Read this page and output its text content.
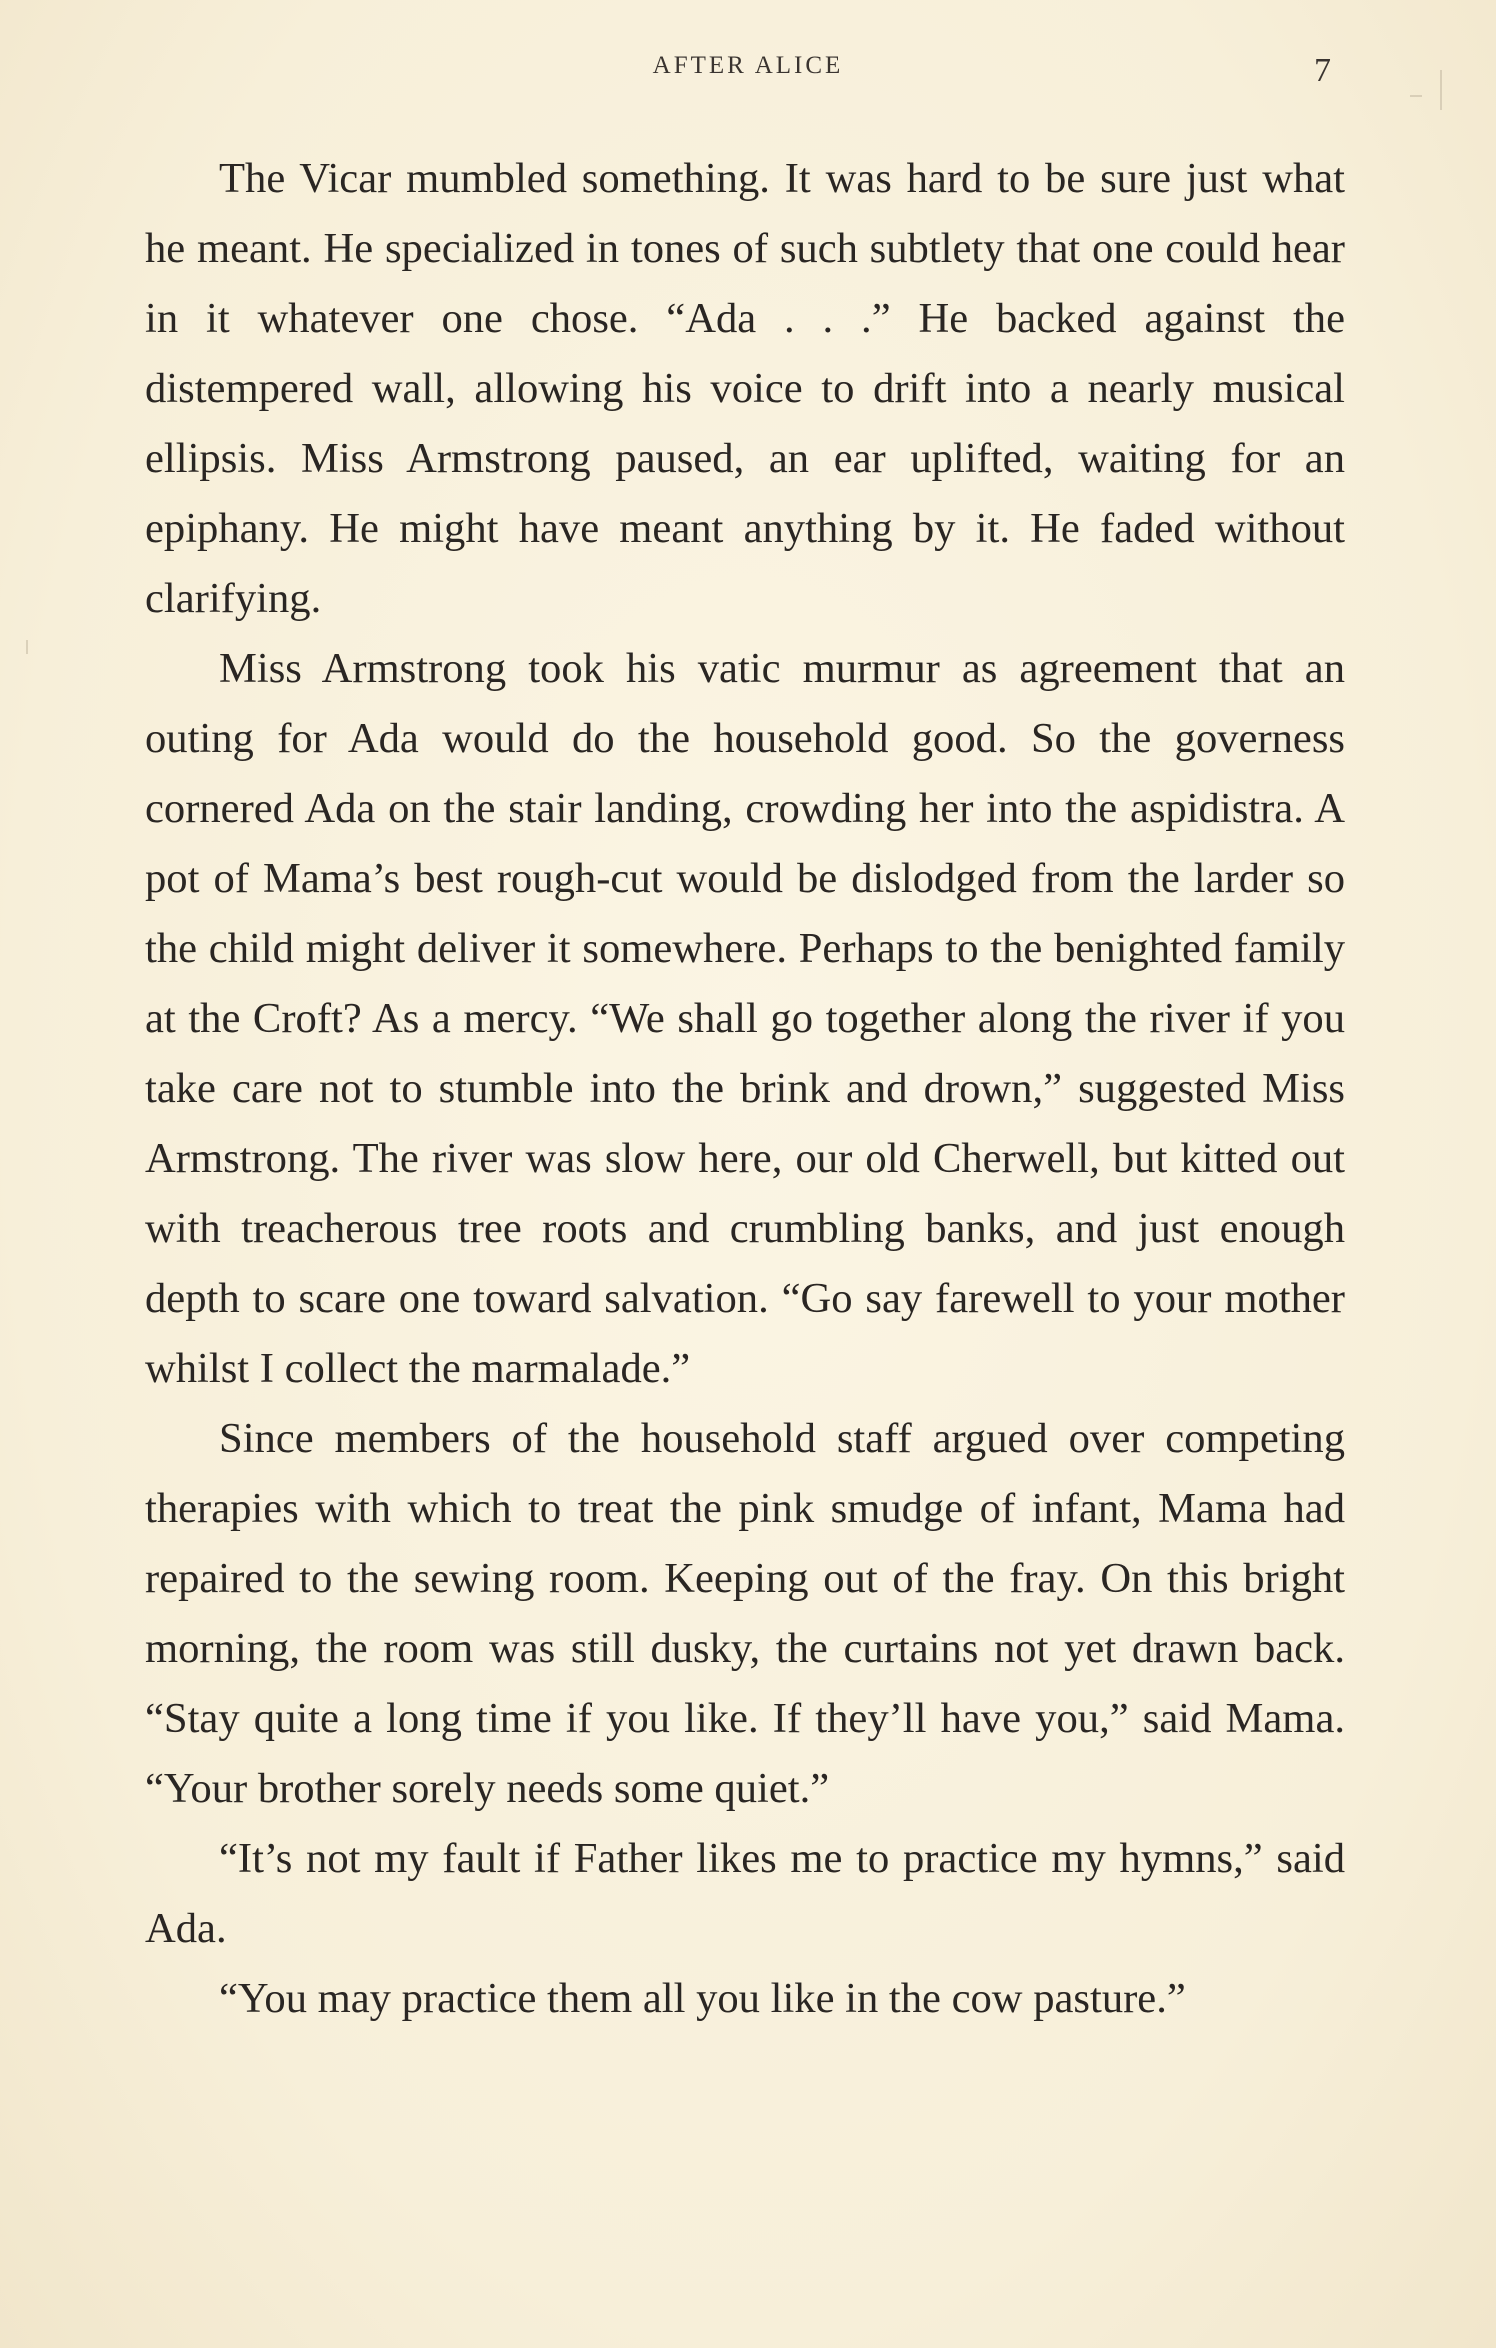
AFTER ALICE	7

The Vicar mumbled something. It was hard to be sure just what he meant. He specialized in tones of such subtlety that one could hear in it whatever one chose. “Ada . . .” He backed against the distempered wall, allowing his voice to drift into a nearly musical ellipsis. Miss Armstrong paused, an ear uplifted, waiting for an epiphany. He might have meant anything by it. He faded without clarifying.

Miss Armstrong took his vatic murmur as agreement that an outing for Ada would do the household good. So the governess cornered Ada on the stair landing, crowding her into the aspidistra. A pot of Mama’s best rough-cut would be dislodged from the larder so the child might deliver it somewhere. Perhaps to the benighted family at the Croft? As a mercy. “We shall go together along the river if you take care not to stumble into the brink and drown,” suggested Miss Armstrong. The river was slow here, our old Cherwell, but kitted out with treacherous tree roots and crumbling banks, and just enough depth to scare one toward salvation. “Go say farewell to your mother whilst I collect the marmalade.”

Since members of the household staff argued over competing therapies with which to treat the pink smudge of infant, Mama had repaired to the sewing room. Keeping out of the fray. On this bright morning, the room was still dusky, the curtains not yet drawn back. “Stay quite a long time if you like. If they’ll have you,” said Mama. “Your brother sorely needs some quiet.”

“It’s not my fault if Father likes me to practice my hymns,” said Ada.

“You may practice them all you like in the cow pasture.”
